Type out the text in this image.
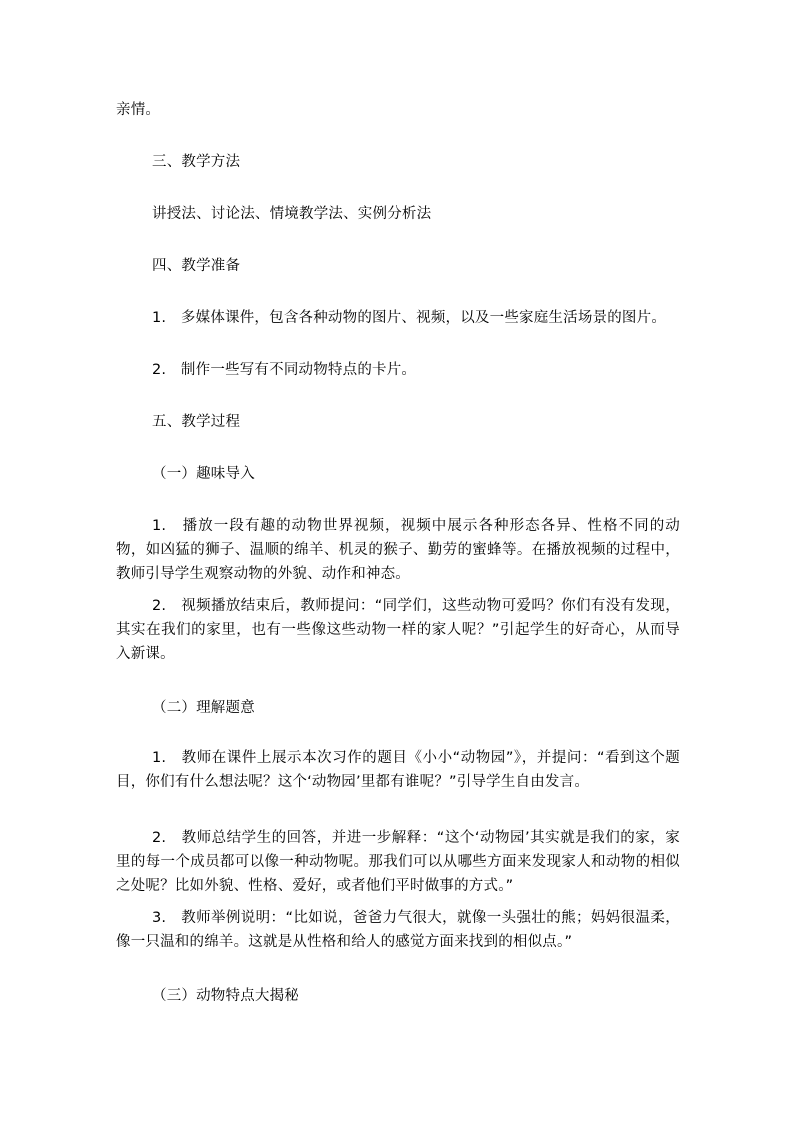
亲情。

三、教学方法

讲授法、讨论法、情境教学法、实例分析法

四、教学准备

1.　多媒体课件，包含各种动物的图片、视频，以及一些家庭生活场景的图片。

2.　制作一些写有不同动物特点的卡片。

五、教学过程

（一）趣味导入

1.　播放一段有趣的动物世界视频，视频中展示各种形态各异、性格不同的动物，如凶猛的狮子、温顺的绵羊、机灵的猴子、勤劳的蜜蜂等。在播放视频的过程中，教师引导学生观察动物的外貌、动作和神态。

2.　视频播放结束后，教师提问：“同学们，这些动物可爱吗？你们有没有发现，其实在我们的家里，也有一些像这些动物一样的家人呢？”引起学生的好奇心，从而导入新课。

（二）理解题意

1.　教师在课件上展示本次习作的题目《小小“动物园”》，并提问：“看到这个题目，你们有什么想法呢？这个‘动物园’里都有谁呢？”引导学生自由发言。

2.　教师总结学生的回答，并进一步解释：“这个‘动物园’其实就是我们的家，家里的每一个成员都可以像一种动物呢。那我们可以从哪些方面来发现家人和动物的相似之处呢？比如外貌、性格、爱好，或者他们平时做事的方式。”

3.　教师举例说明：“比如说，爸爸力气很大，就像一头强壮的熊；妈妈很温柔，像一只温和的绵羊。这就是从性格和给人的感觉方面来找到的相似点。”

（三）动物特点大揭秘
